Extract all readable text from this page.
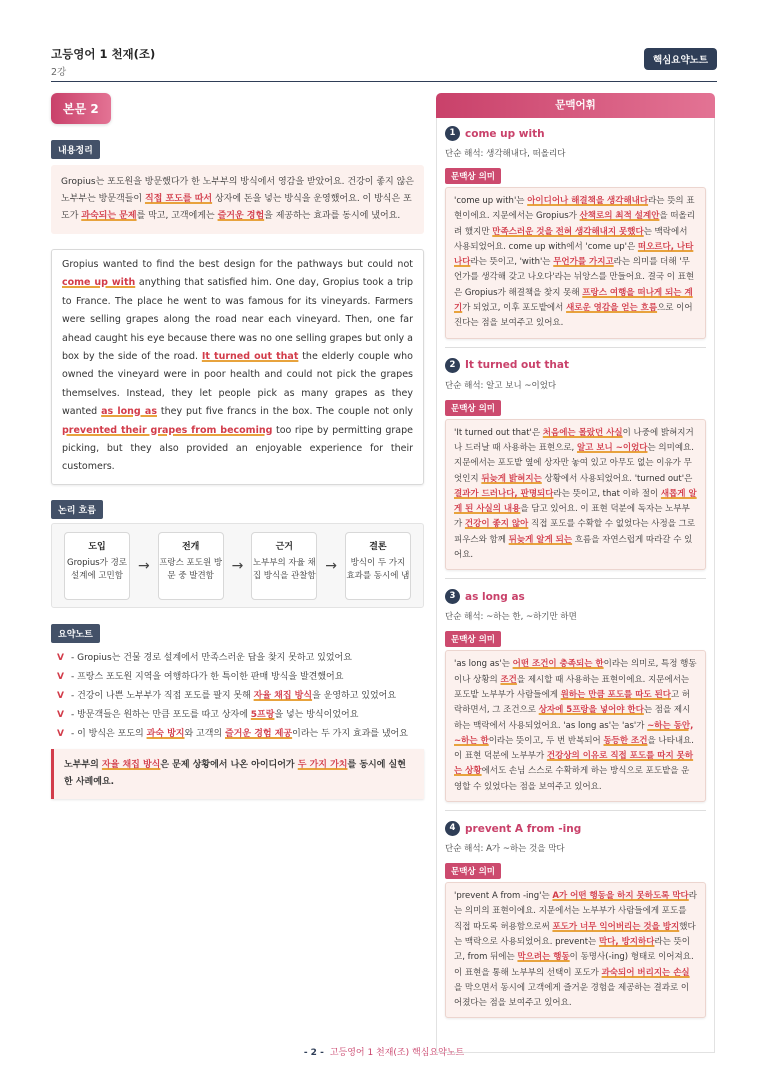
고등영어 1 천재(조)
2강
핵심요약노트
본문 2
내용정리
Gropius는 포도원을 방문했다가 한 노부부의 방식에서 영감을 받았어요. 건강이 좋지 않은 노부부는 방문객들이 직접 포도를 따서 상자에 돈을 넣는 방식을 운영했어요. 이 방식은 포도가 과숙되는 문제를 막고, 고객에게는 즐거운 경험을 제공하는 효과를 동시에 냈어요.
Gropius wanted to find the best design for the pathways but could not come up with anything that satisfied him. One day, Gropius took a trip to France. The place he went to was famous for its vineyards. Farmers were selling grapes along the road near each vineyard. Then, one far ahead caught his eye because there was no one selling grapes but only a box by the side of the road. It turned out that the elderly couple who owned the vineyard were in poor health and could not pick the grapes themselves. Instead, they let people pick as many grapes as they wanted as long as they put five francs in the box. The couple not only prevented their grapes from becoming too ripe by permitting grape picking, but they also provided an enjoyable experience for their customers.
논리 흐름
도입
Gropius가 경로 설계에 고민함
→
전개
프랑스 포도원 방문 중 발견함
→
근거
노부부의 자율 채집 방식을 관찰함
→
결론
방식이 두 가지 효과를 동시에 냄
요약노트
V - Gropius는 건물 경로 설계에서 만족스러운 답을 찾지 못하고 있었어요
V - 프랑스 포도원 지역을 여행하다가 한 특이한 판매 방식을 발견했어요
V - 건강이 나쁜 노부부가 직접 포도를 팔지 못해 자율 채집 방식을 운영하고 있었어요
V - 방문객들은 원하는 만큼 포도를 따고 상자에 5프랑을 넣는 방식이었어요
V - 이 방식은 포도의 과숙 방지와 고객의 즐거운 경험 제공이라는 두 가지 효과를 냈어요
노부부의 자율 채집 방식은 문제 상황에서 나온 아이디어가 두 가지 가치를 동시에 실현한 사례예요.
문맥어휘
1 come up with
단순 해석: 생각해내다, 떠올리다
문맥상 의미
'come up with'는 아이디어나 해결책을 생각해내다라는 뜻의 표현이에요. 지문에서는 Gropius가 산책로의 최적 설계안을 떠올리려 했지만 만족스러운 것을 전혀 생각해내지 못했다는 맥락에서 사용되었어요. come up with에서 'come up'은 떠오르다, 나타나다라는 뜻이고, 'with'는 무언가를 가지고라는 의미를 더해 '무언가를 생각해 갖고 나오다'라는 뉘앙스를 만들어요. 결국 이 표현은 Gropius가 해결책을 찾지 못해 프랑스 여행을 떠나게 되는 계기가 되었고, 이후 포도밭에서 새로운 영감을 얻는 흐름으로 이어진다는 점을 보여주고 있어요.
2 It turned out that
단순 해석: 알고 보니 ~이었다
문맥상 의미
'It turned out that'은 처음에는 몰랐던 사실이 나중에 밝혀지거나 드러날 때 사용하는 표현으로, 알고 보니 ~이었다는 의미예요. 지문에서는 포도밭 옆에 상자만 놓여 있고 아무도 없는 이유가 무엇인지 뒤늦게 밝혀지는 상황에서 사용되었어요. 'turned out'은 결과가 드러나다, 판명되다라는 뜻이고, that 이하 절이 새롭게 알게 된 사실의 내용을 담고 있어요. 이 표현 덕분에 독자는 노부부가 건강이 좋지 않아 직접 포도를 수확할 수 없었다는 사정을 그로피우스와 함께 뒤늦게 알게 되는 흐름을 자연스럽게 따라갈 수 있어요.
3 as long as
단순 해석: ~하는 한, ~하기만 하면
문맥상 의미
'as long as'는 어떤 조건이 충족되는 한이라는 의미로, 특정 행동이나 상황의 조건을 제시할 때 사용하는 표현이에요. 지문에서는 포도밭 노부부가 사람들에게 원하는 만큼 포도를 따도 된다고 허락하면서, 그 조건으로 상자에 5프랑을 넣어야 한다는 점을 제시하는 맥락에서 사용되었어요. 'as long as'는 'as'가 ~하는 동안, ~하는 한이라는 뜻이고, 두 번 반복되어 동등한 조건을 나타내요. 이 표현 덕분에 노부부가 건강상의 이유로 직접 포도를 따지 못하는 상황에서도 손님 스스로 수확하게 하는 방식으로 포도밭을 운영할 수 있었다는 점을 보여주고 있어요.
4 prevent A from -ing
단순 해석: A가 ~하는 것을 막다
문맥상 의미
'prevent A from -ing'는 A가 어떤 행동을 하지 못하도록 막다라는 의미의 표현이에요. 지문에서는 노부부가 사람들에게 포도를 직접 따도록 허용함으로써 포도가 너무 익어버리는 것을 방지했다는 맥락으로 사용되었어요. prevent는 막다, 방지하다라는 뜻이고, from 뒤에는 막으려는 행동이 동명사(-ing) 형태로 이어져요. 이 표현을 통해 노부부의 선택이 포도가 과숙되어 버리지는 손실을 막으면서 동시에 고객에게 즐거운 경험을 제공하는 결과로 이어졌다는 점을 보여주고 있어요.
- 2 - 고등영어 1 천재(조) 핵심요약노트
